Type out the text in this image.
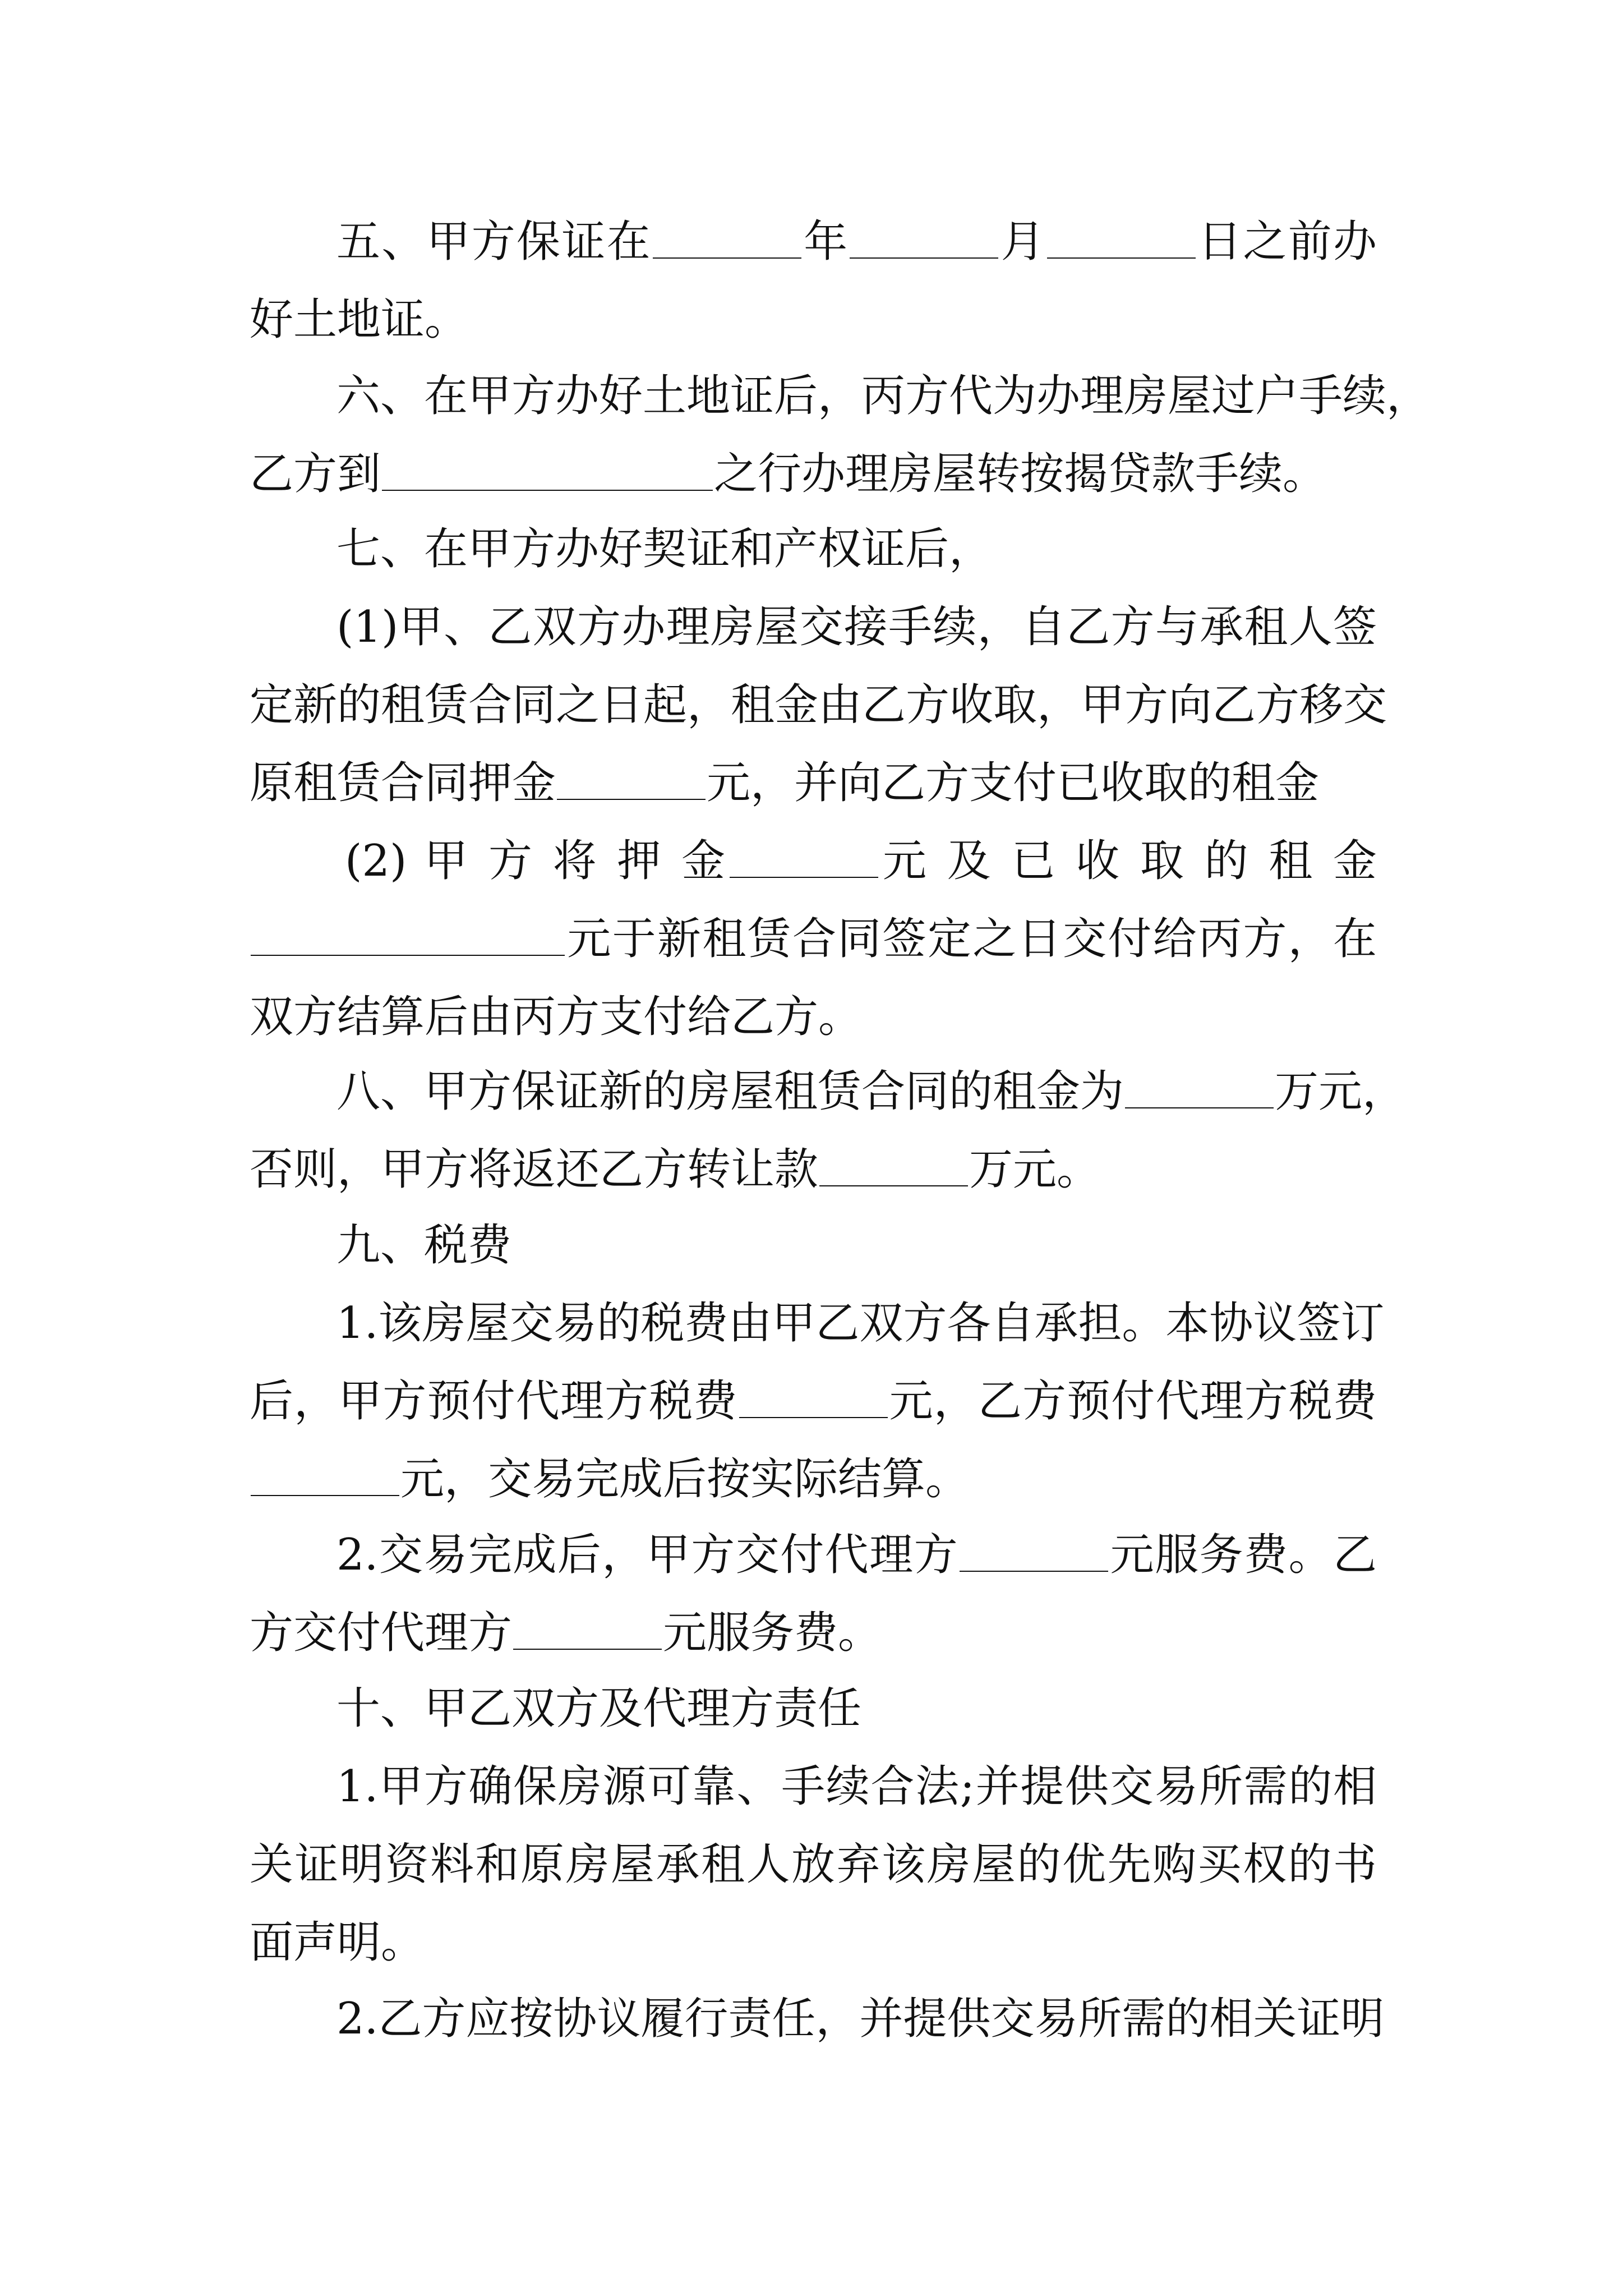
五、甲方保证在	年	月	日之前办
好土地证。
六、在甲方办好土地证后，丙方代为办理房屋过户手续，
乙方到	之行办理房屋转按揭贷款手续。
七、在甲方办好契证和产权证后，
(1)甲、乙双方办理房屋交接手续，自乙方与承租人签
定新的租赁合同之日起，租金由乙方收取，甲方向乙方移交
原租赁合同押金	元，并向乙方支付已收取的租金
(2) 甲 方 将 押 金	元 及 已 收 取 的 租 金
元于新租赁合同签定之日交付给丙方，在
双方结算后由丙方支付给乙方。
八、甲方保证新的房屋租赁合同的租金为	万元，
否则，甲方将返还乙方转让款	万元。
九、税费
1.该房屋交易的税费由甲乙双方各自承担。本协议签订
后，甲方预付代理方税费	元，乙方预付代理方税费
元，交易完成后按实际结算。
2.交易完成后，甲方交付代理方	元服务费。乙
方交付代理方	元服务费。
十、甲乙双方及代理方责任
1.甲方确保房源可靠、手续合法;并提供交易所需的相
关证明资料和原房屋承租人放弃该房屋的优先购买权的书
面声明。
2.乙方应按协议履行责任，并提供交易所需的相关证明
